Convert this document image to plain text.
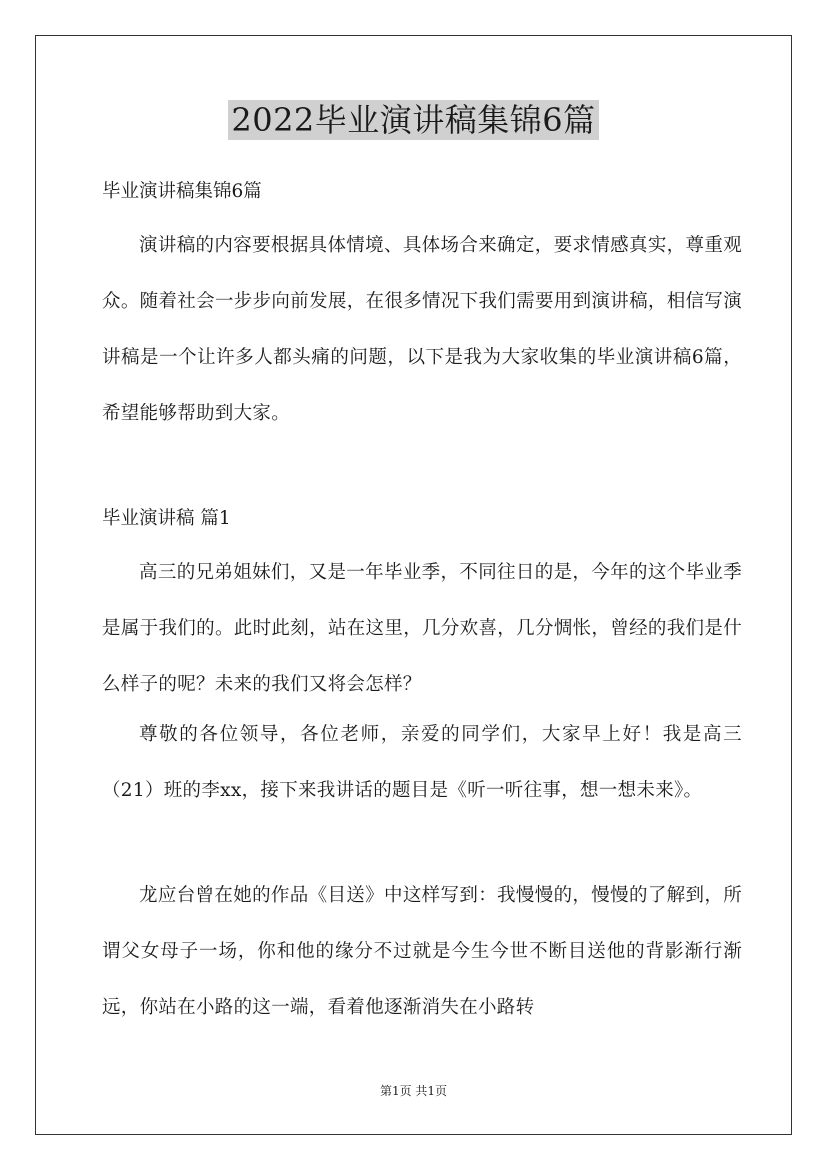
2022毕业演讲稿集锦6篇

毕业演讲稿集锦6篇

演讲稿的内容要根据具体情境、具体场合来确定，要求情感真实，尊重观众。随着社会一步步向前发展，在很多情况下我们需要用到演讲稿，相信写演讲稿是一个让许多人都头痛的问题，以下是我为大家收集的毕业演讲稿6篇，希望能够帮助到大家。

毕业演讲稿 篇1

高三的兄弟姐妹们，又是一年毕业季，不同往日的是，今年的这个毕业季是属于我们的。此时此刻，站在这里，几分欢喜，几分惆怅，曾经的我们是什么样子的呢？未来的我们又将会怎样？

尊敬的各位领导，各位老师，亲爱的同学们，大家早上好！我是高三（21）班的李xx，接下来我讲话的题目是《听一听往事，想一想未来》。

龙应台曾在她的作品《目送》中这样写到：我慢慢的，慢慢的了解到，所谓父女母子一场，你和他的缘分不过就是今生今世不断目送他的背影渐行渐远，你站在小路的这一端，看着他逐渐消失在小路转

第1页 共1页
